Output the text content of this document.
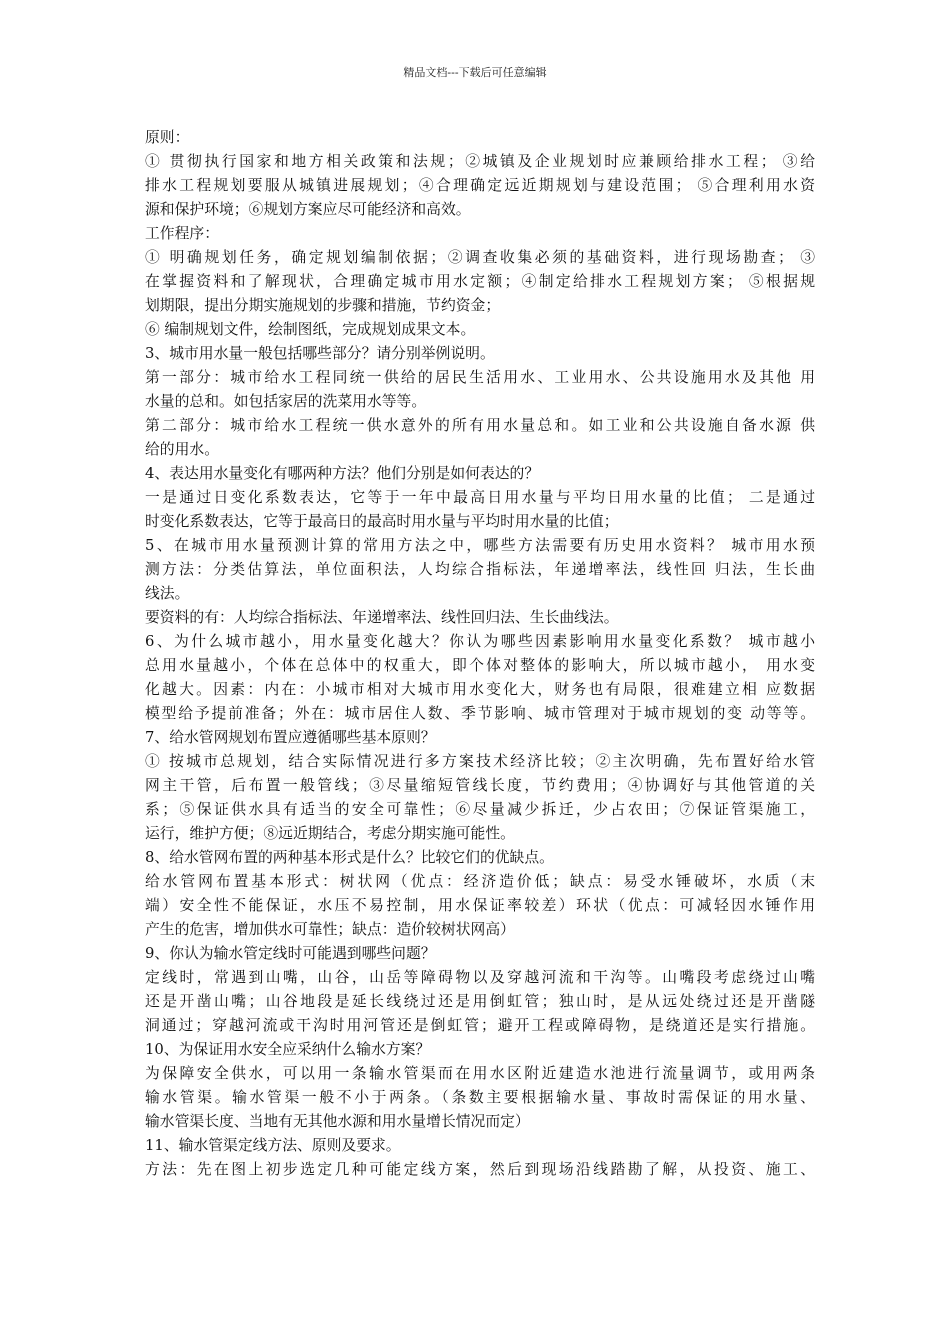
精品文档---下载后可任意编辑
原则：
① 贯彻执行国家和地方相关政策和法规；②城镇及企业规划时应兼顾给排水工程； ③给
排水工程规划要服从城镇进展规划；④合理确定远近期规划与建设范围； ⑤合理利用水资
源和保护环境；⑥规划方案应尽可能经济和高效。
工作程序：
① 明确规划任务，确定规划编制依据；②调查收集必须的基础资料，进行现场勘查； ③
在掌握资料和了解现状，合理确定城市用水定额；④制定给排水工程规划方案； ⑤根据规
划期限，提出分期实施规划的步骤和措施，节约资金；
⑥ 编制规划文件，绘制图纸，完成规划成果文本。
3、城市用水量一般包括哪些部分？请分别举例说明。
第一部分：城市给水工程同统一供给的居民生活用水、工业用水、公共设施用水及其他 用
水量的总和。如包括家居的洗菜用水等等。
第二部分：城市给水工程统一供水意外的所有用水量总和。如工业和公共设施自备水源 供
给的用水。
4、表达用水量变化有哪两种方法？他们分别是如何表达的？
一是通过日变化系数表达，它等于一年中最高日用水量与平均日用水量的比值； 二是通过
时变化系数表达，它等于最高日的最高时用水量与平均时用水量的比值；
5、在城市用水量预测计算的常用方法之中，哪些方法需要有历史用水资料？ 城市用水预
测方法：分类估算法，单位面积法，人均综合指标法，年递增率法，线性回 归法，生长曲
线法。
要资料的有：人均综合指标法、年递增率法、线性回归法、生长曲线法。
6、为什么城市越小，用水量变化越大？你认为哪些因素影响用水量变化系数？ 城市越小
总用水量越小，个体在总体中的权重大，即个体对整体的影响大，所以城市越小， 用水变
化越大。因素：内在：小城市相对大城市用水变化大，财务也有局限，很难建立相 应数据
模型给予提前准备；外在：城市居住人数、季节影响、城市管理对于城市规划的变 动等等。
7、给水管网规划布置应遵循哪些基本原则？
① 按城市总规划，结合实际情况进行多方案技术经济比较；②主次明确，先布置好给水管
网主干管，后布置一般管线；③尽量缩短管线长度，节约费用；④协调好与其他管道的关
系；⑤保证供水具有适当的安全可靠性；⑥尽量减少拆迁，少占农田；⑦保证管渠施工，
运行，维护方便；⑧远近期结合，考虑分期实施可能性。
8、给水管网布置的两种基本形式是什么？比较它们的优缺点。
给水管网布置基本形式：树状网（优点：经济造价低；缺点：易受水锤破坏，水质（末
端）安全性不能保证，水压不易控制，用水保证率较差）环状（优点：可减轻因水锤作用
产生的危害，增加供水可靠性；缺点：造价较树状网高）
9、你认为输水管定线时可能遇到哪些问题？
定线时，常遇到山嘴，山谷，山岳等障碍物以及穿越河流和干沟等。山嘴段考虑绕过山嘴
还是开凿山嘴；山谷地段是延长线绕过还是用倒虹管；独山时，是从远处绕过还是开凿隧
洞通过；穿越河流或干沟时用河管还是倒虹管；避开工程或障碍物，是绕道还是实行措施。
10、为保证用水安全应采纳什么输水方案？
为保障安全供水，可以用一条输水管渠而在用水区附近建造水池进行流量调节，或用两条
输水管渠。输水管渠一般不小于两条。（条数主要根据输水量、事故时需保证的用水量、
输水管渠长度、当地有无其他水源和用水量增长情况而定）
11、输水管渠定线方法、原则及要求。
方法：先在图上初步选定几种可能定线方案，然后到现场沿线踏勘了解，从投资、施工、
